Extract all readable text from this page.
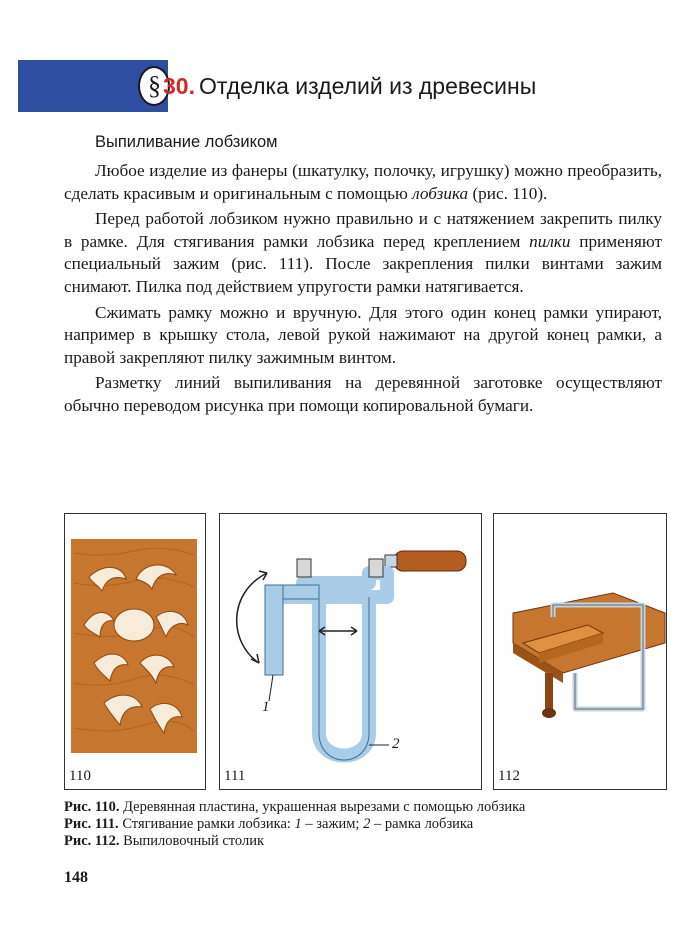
§30. Отделка изделий из древесины
Выпиливание лобзиком

Любое изделие из фанеры (шкатулку, полочку, игрушку) можно преобразить, сделать красивым и оригинальным с помощью лобзика (рис. 110).

Перед работой лобзиком нужно правильно и с натяжением закрепить пилку в рамке. Для стягивания рамки лобзика перед креплением пилки применяют специальный зажим (рис. 111). После закрепления пилки винтами зажим снимают. Пилка под действием упругости рамки натягивается.

Сжимать рамку можно и вручную. Для этого один конец рамки упирают, например в крышку стола, левой рукой нажимают на другой конец рамки, а правой закрепляют пилку зажимным винтом.

Разметку линий выпиливания на деревянной заготовке осуществляют обычно переводом рисунка при помощи копировальной бумаги.

110
1
2
111	112
Рис. 110. Деревянная пластина, украшенная вырезами с помощью лобзика
Рис. 111. Стягивание рамки лобзика: 1 – зажим; 2 – рамка лобзика
Рис. 112. Выпиловочный столик
148
